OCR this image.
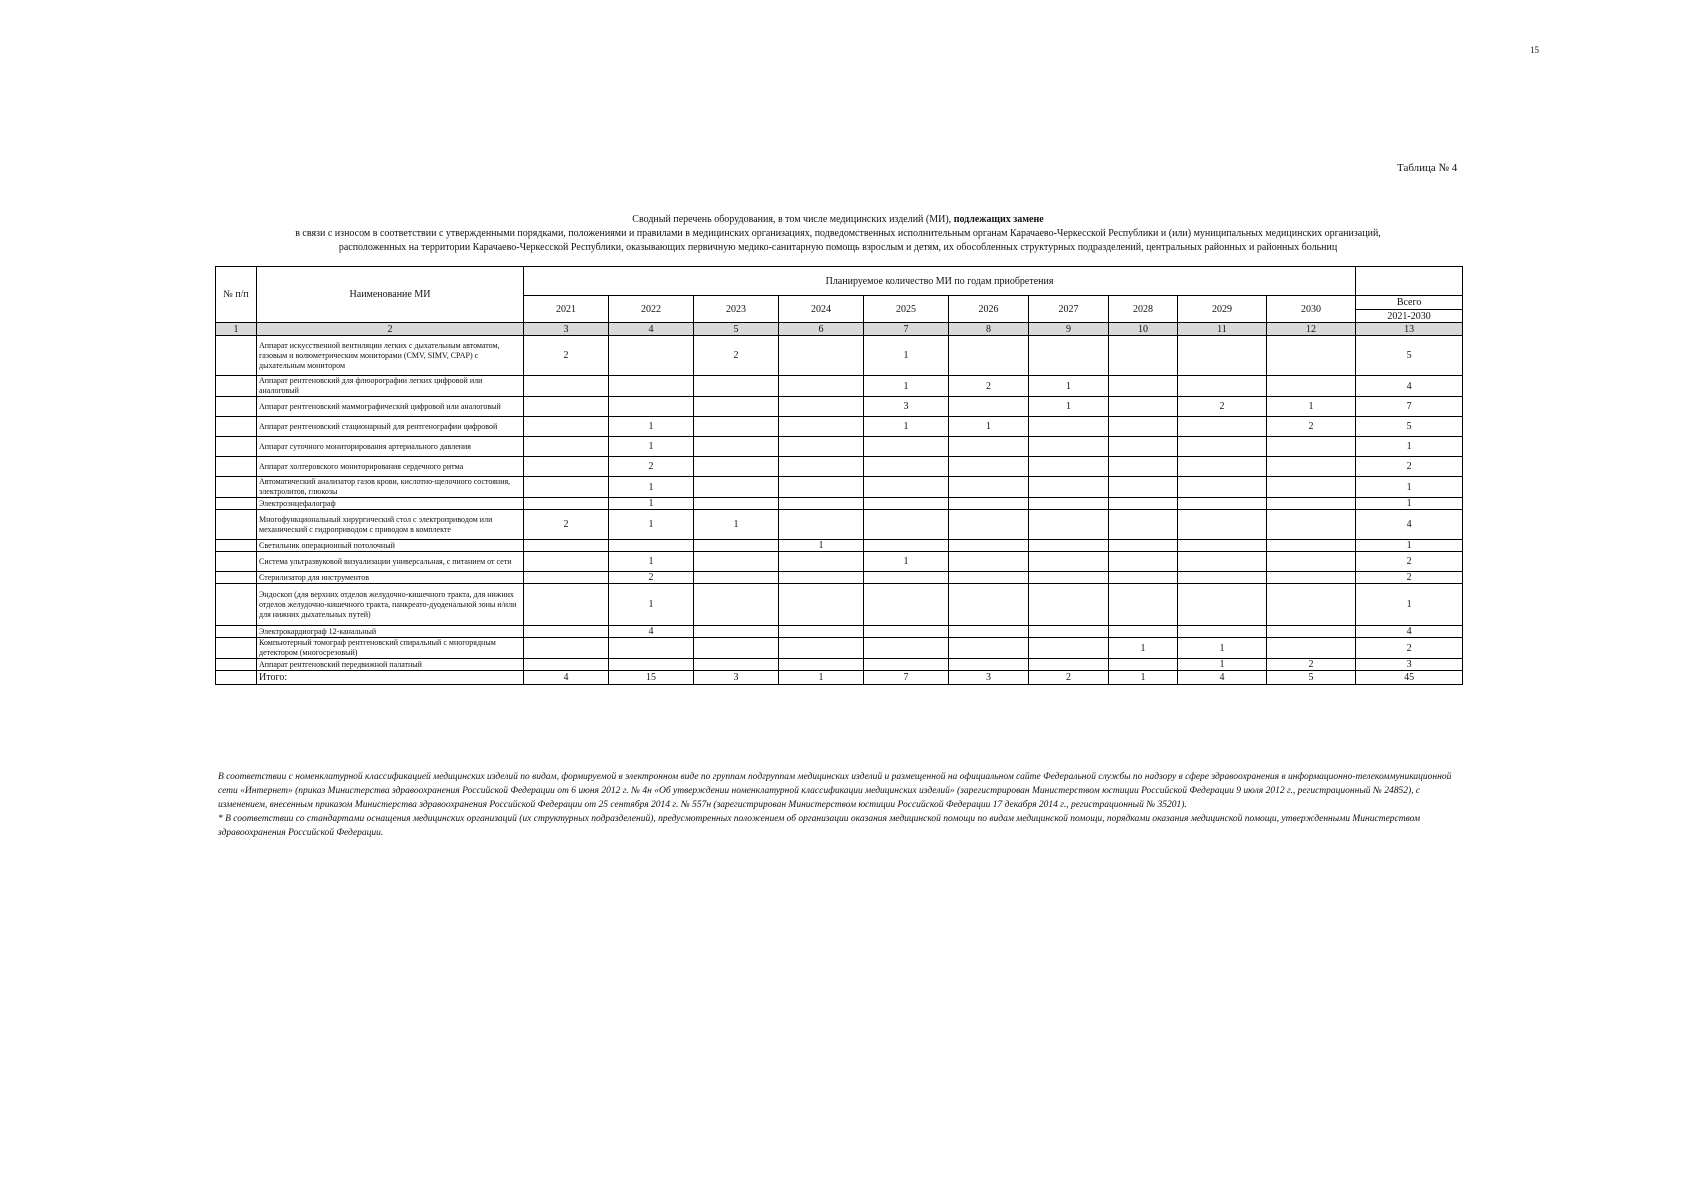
15
Таблица № 4
Сводный перечень оборудования, в том числе медицинских изделий (МИ), подлежащих замене
в связи с износом в соответствии с утвержденными порядками, положениями и правилами в медицинских организациях, подведомственных исполнительным органам Карачаево-Черкесской Республики и (или) муниципальных медицинских организаций,
расположенных на территории Карачаево-Черкесской Республики, оказывающих первичную медико-санитарную помощь взрослым и детям, их обособленных структурных подразделений, центральных районных и районных больниц
№ п/п	Наименование МИ	Планируемое количество МИ по годам приобретения										
		2021	2022	2023	2024	2025	2026	2027	2028	2029	2030	Всего
												2021-2030
1	2	3	4	5	6	7	8	9	10	11	12	13
	Аппарат искусственной вентиляции легких с дыхательным автоматом, газовым и волюметрическим мониторами (CMV, SIMV, CPAP) с дыхательным монитором	2		2		1						5
	Аппарат рентгеновский для флюорографии легких цифровой или аналоговый					1	2	1				4
	Аппарат рентгеновский маммографический цифровой или аналоговый					3		1		2	1	7
	Аппарат рентгеновский стационарный для рентгенографии цифровой		1			1	1				2	5
	Аппарат суточного мониторирования артериального давления		1									1
	Аппарат холтеровского мониторирования сердечного ритма		2									2
	Автоматический анализатор газов крови, кислотно-щелочного состояния, электролитов, глюкозы		1									1
	Электроэнцефалограф		1									1
	Многофункциональный хирургический стол с электроприводом или механический с гидроприводом с приводом в комплекте	2	1	1								4
	Светильник операционный потолочный				1							1
	Система ультразвуковой визуализации универсальная, с питанием от сети		1			1						2
	Стерилизатор для инструментов		2									2
	Эндоскоп (для верхних отделов желудочно-кишечного тракта, для нижних отделов желудочно-кишечного тракта, панкреато-дуоденальной зоны и/или для нижних дыхательных путей)		1									1
	Электрокардиограф 12-канальный		4									4
	Компьютерный томограф рентгеновский спиральный с многорядным детектором (многосрезовый)								1	1		2
	Аппарат рентгеновский передвижной палатный									1	2	3
	Итого:	4	15	3	1	7	3	2	1	4	5	45

В соответствии с номенклатурной классификацией медицинских изделий по видам, формируемой в электронном виде по группам подгруппам медицинских изделий и размещенной на официальном сайте Федеральной службы по надзору в сфере здравоохранения в информационно-телекоммуникационной сети «Интернет» (приказ Министерства здравоохранения Российской Федерации от 6 июня 2012 г. № 4н «Об утверждении номенклатурной классификации медицинских изделий» (зарегистрирован Министерством юстиции Российской Федерации 9 июля 2012 г., регистрационный № 24852), с изменением, внесенным приказом Министерства здравоохранения Российской Федерации от 25 сентября 2014 г. № 557н (зарегистрирован Министерством юстиции Российской Федерации 17 декабря 2014 г., регистрационный № 35201).

* В соответствии со стандартами оснащения медицинских организаций (их структурных подразделений), предусмотренных положением об организации оказания медицинской помощи по видам медицинской помощи, порядками оказания медицинской помощи, утвержденными Министерством здравоохранения Российской Федерации.
